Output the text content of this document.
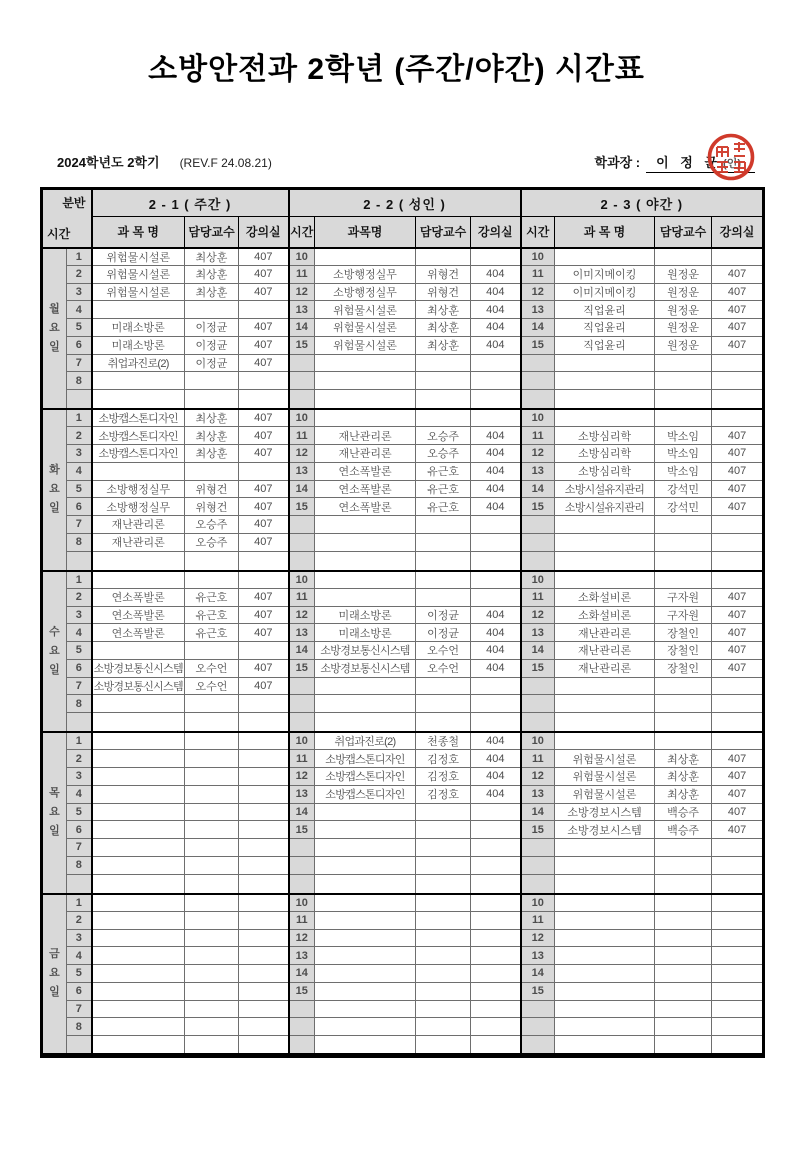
소방안전과 2학년 (주간/야간) 시간표
2024학년도 2학기 (REV.F 24.08.21)	학과장 : 이 정 균 (인)
분반
시간		2 - 1 ( 주간 )			2 - 2 ( 성인 )				2 - 3 ( 야간 )			
		과 목 명	담당교수	강의실	시간	과목명	담당교수	강의실	시간	과 목 명	담당교수	강의실

월
요
일	1	위험물시설론	최상훈	407	10				10			
	2	위험물시설론	최상훈	407	11	소방행정실무	위형건	404	11	이미지메이킹	원정운	407
	3	위험물시설론	최상훈	407	12	소방행정실무	위형건	404	12	이미지메이킹	원정운	407
	4				13	위험물시설론	최상훈	404	13	직업윤리	원정운	407
	5	미래소방론	이정균	407	14	위험물시설론	최상훈	404	14	직업윤리	원정운	407
	6	미래소방론	이정균	407	15	위험물시설론	최상훈	404	15	직업윤리	원정운	407
	7	취업과진로(2)	이정균	407								
	8											

화
요
일	1	소방캡스톤디자인	최상훈	407	10				10			
	2	소방캡스톤디자인	최상훈	407	11	재난관리론	오승주	404	11	소방심리학	박소임	407
	3	소방캡스톤디자인	최상훈	407	12	재난관리론	오승주	404	12	소방심리학	박소임	407
	4				13	연소폭발론	유근호	404	13	소방심리학	박소임	407
	5	소방행정실무	위형건	407	14	연소폭발론	유근호	404	14	소방시설유지관리	강석민	407
	6	소방행정실무	위형건	407	15	연소폭발론	유근호	404	15	소방시설유지관리	강석민	407
	7	재난관리론	오승주	407								
	8	재난관리론	오승주	407								

수
요
일	1				10				10			
	2	연소폭발론	유근호	407	11				11	소화설비론	구자원	407
	3	연소폭발론	유근호	407	12	미래소방론	이정균	404	12	소화설비론	구자원	407
	4	연소폭발론	유근호	407	13	미래소방론	이정균	404	13	재난관리론	장철인	407
	5				14	소방경보통신시스템	오수언	404	14	재난관리론	장철인	407
	6	소방경보통신시스템	오수언	407	15	소방경보통신시스템	오수언	404	15	재난관리론	장철인	407
	7	소방경보통신시스템	오수언	407								
	8											

목
요
일	1				10	취업과진로(2)	천종철	404	10			
	2				11	소방캡스톤디자인	김정호	404	11	위험물시설론	최상훈	407
	3				12	소방캡스톤디자인	김정호	404	12	위험물시설론	최상훈	407
	4				13	소방캡스톤디자인	김정호	404	13	위험물시설론	최상훈	407
	5				14				14	소방경보시스템	백승주	407
	6				15				15	소방경보시스템	백승주	407
	7											
	8											

금
요
일	1				10				10			
	2				11				11			
	3				12				12			
	4				13				13			
	5				14				14			
	6				15				15			
	7											
	8											
